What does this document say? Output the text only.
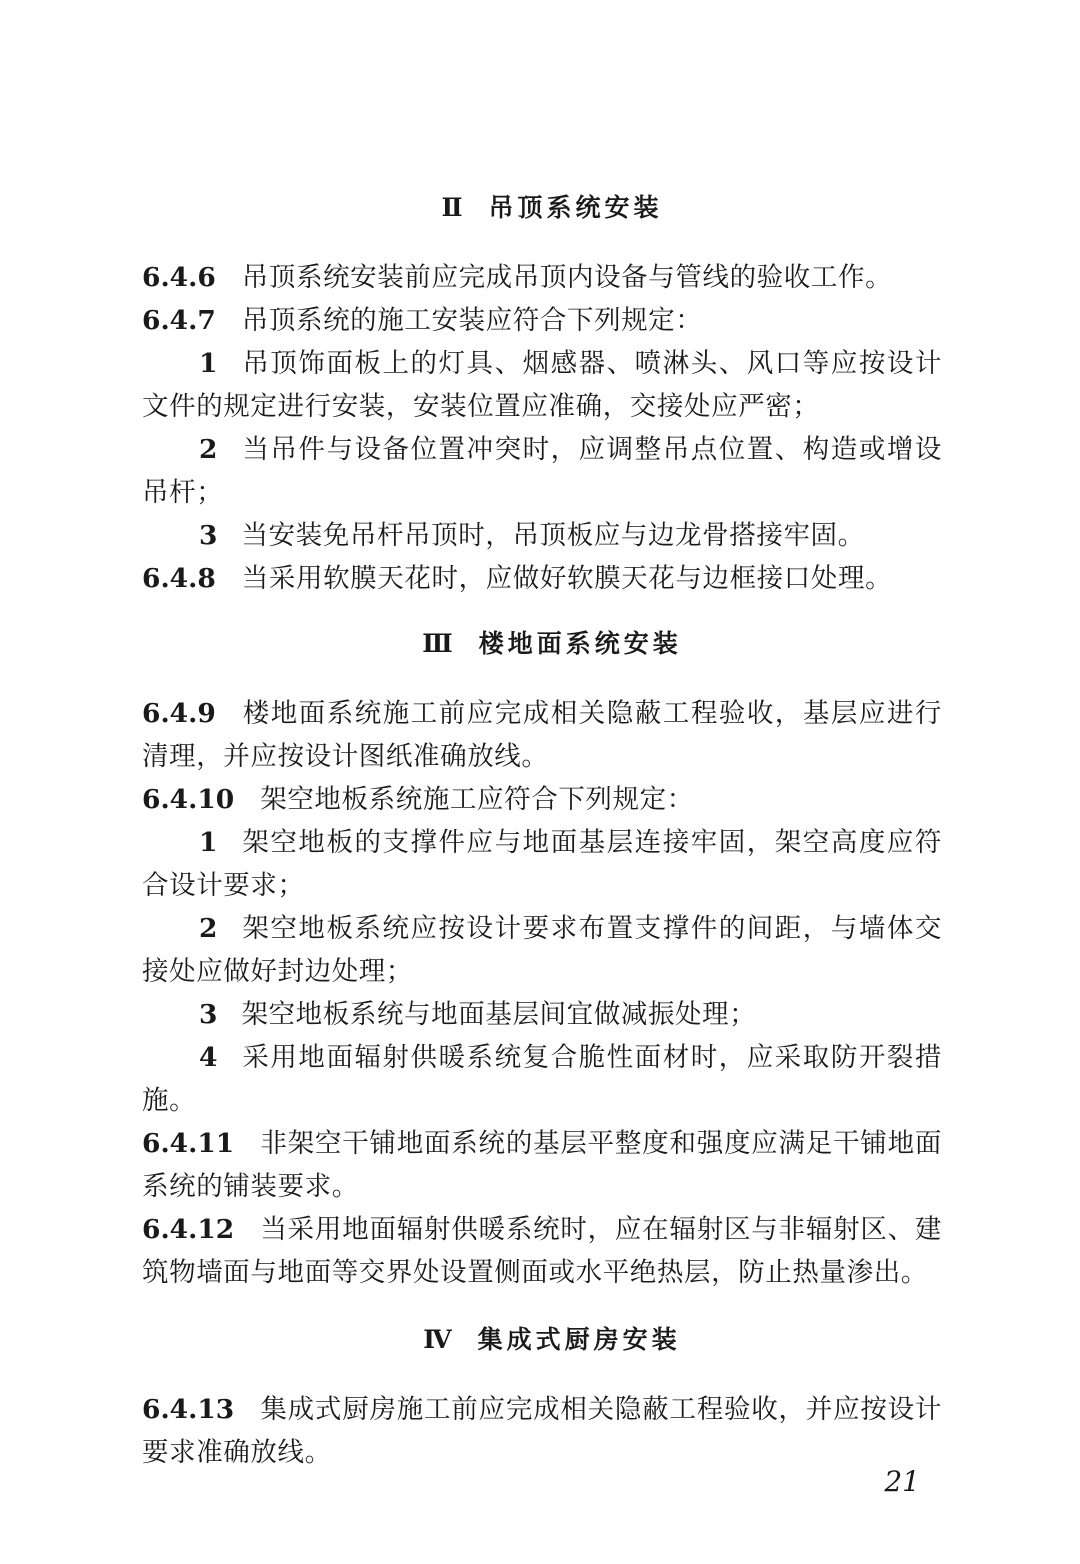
Ⅱ 吊顶系统安装

6.4.6 吊顶系统安装前应完成吊顶内设备与管线的验收工作。

6.4.7 吊顶系统的施工安装应符合下列规定：

1 吊顶饰面板上的灯具、烟感器、喷淋头、风口等应按设计文件的规定进行安装，安装位置应准确，交接处应严密；

2 当吊件与设备位置冲突时，应调整吊点位置、构造或增设吊杆；

3 当安装免吊杆吊顶时，吊顶板应与边龙骨搭接牢固。

6.4.8 当采用软膜天花时，应做好软膜天花与边框接口处理。

Ⅲ 楼地面系统安装

6.4.9 楼地面系统施工前应完成相关隐蔽工程验收，基层应进行清理，并应按设计图纸准确放线。

6.4.10 架空地板系统施工应符合下列规定：

1 架空地板的支撑件应与地面基层连接牢固，架空高度应符合设计要求；

2 架空地板系统应按设计要求布置支撑件的间距，与墙体交接处应做好封边处理；

3 架空地板系统与地面基层间宜做减振处理；

4 采用地面辐射供暖系统复合脆性面材时，应采取防开裂措施。

6.4.11 非架空干铺地面系统的基层平整度和强度应满足干铺地面系统的铺装要求。

6.4.12 当采用地面辐射供暖系统时，应在辐射区与非辐射区、建筑物墙面与地面等交界处设置侧面或水平绝热层，防止热量渗出。

Ⅳ 集成式厨房安装

6.4.13 集成式厨房施工前应完成相关隐蔽工程验收，并应按设计要求准确放线。

21
